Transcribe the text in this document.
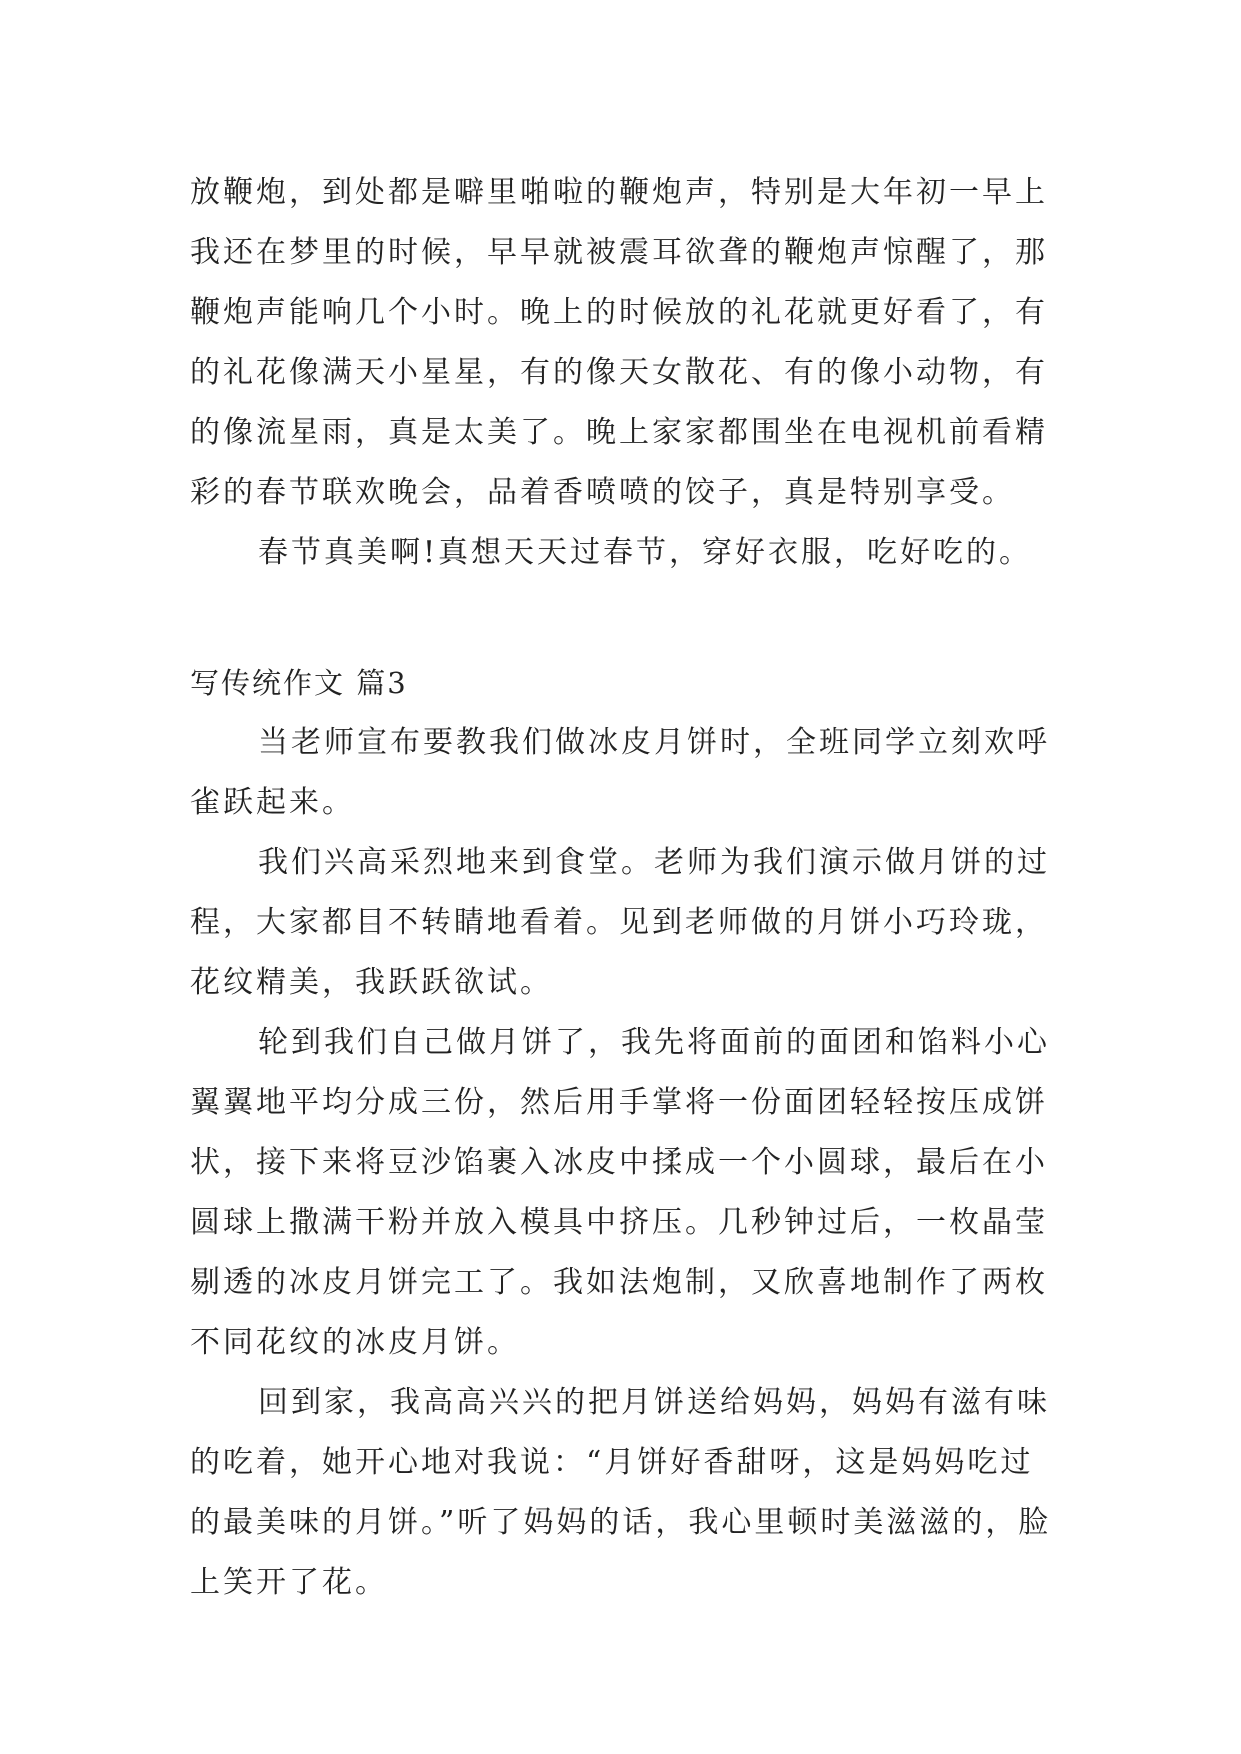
放鞭炮，到处都是噼里啪啦的鞭炮声，特别是大年初一早上我还在梦里的时候，早早就被震耳欲聋的鞭炮声惊醒了，那鞭炮声能响几个小时。晚上的时候放的礼花就更好看了，有的礼花像满天小星星，有的像天女散花、有的像小动物，有的像流星雨，真是太美了。晚上家家都围坐在电视机前看精彩的春节联欢晚会，品着香喷喷的饺子，真是特别享受。

春节真美啊!真想天天过春节，穿好衣服，吃好吃的。

写传统作文 篇3

当老师宣布要教我们做冰皮月饼时，全班同学立刻欢呼雀跃起来。

我们兴高采烈地来到食堂。老师为我们演示做月饼的过程，大家都目不转睛地看着。见到老师做的月饼小巧玲珑，花纹精美，我跃跃欲试。

轮到我们自己做月饼了，我先将面前的面团和馅料小心翼翼地平均分成三份，然后用手掌将一份面团轻轻按压成饼状，接下来将豆沙馅裹入冰皮中揉成一个小圆球，最后在小圆球上撒满干粉并放入模具中挤压。几秒钟过后，一枚晶莹剔透的冰皮月饼完工了。我如法炮制，又欣喜地制作了两枚不同花纹的冰皮月饼。

回到家，我高高兴兴的把月饼送给妈妈，妈妈有滋有味的吃着，她开心地对我说：“月饼好香甜呀，这是妈妈吃过的最美味的月饼。”听了妈妈的话，我心里顿时美滋滋的，脸上笑开了花。
